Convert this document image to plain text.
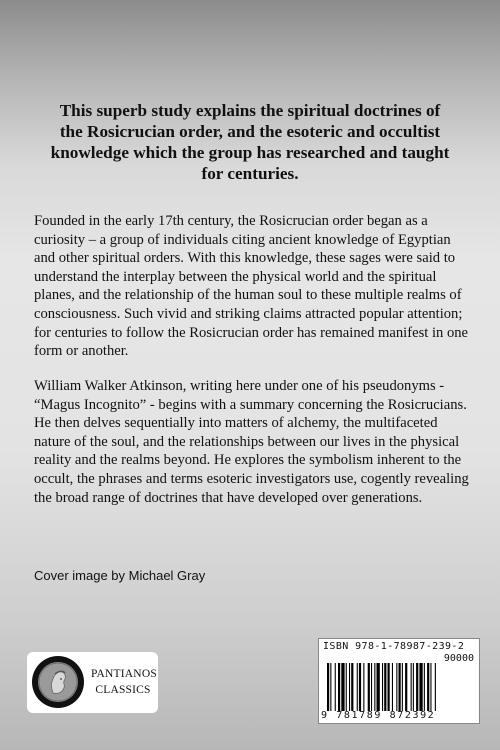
This superb study explains the spiritual doctrines of the Rosicrucian order, and the esoteric and occultist knowledge which the group has researched and taught for centuries.

Founded in the early 17th century, the Rosicrucian order began as a curiosity – a group of individuals citing ancient knowledge of Egyptian and other spiritual orders. With this knowledge, these sages were said to understand the interplay between the physical world and the spiritual planes, and the relationship of the human soul to these multiple realms of consciousness. Such vivid and striking claims attracted popular attention; for centuries to follow the Rosicrucian order has remained manifest in one form or another.

William Walker Atkinson, writing here under one of his pseudonyms - “Magus Incognito” - begins with a summary concerning the Rosicrucians. He then delves sequentially into matters of alchemy, the multifaceted nature of the soul, and the relationships between our lives in the physical reality and the realms beyond. He explores the symbolism inherent to the occult, the phrases and terms esoteric investigators use, cogently revealing the broad range of doctrines that have developed over generations.

Cover image by Michael Gray

PANTIANOS
CLASSICS
ISBN 978-1-78987-239-2
90000
9 781789 872392
